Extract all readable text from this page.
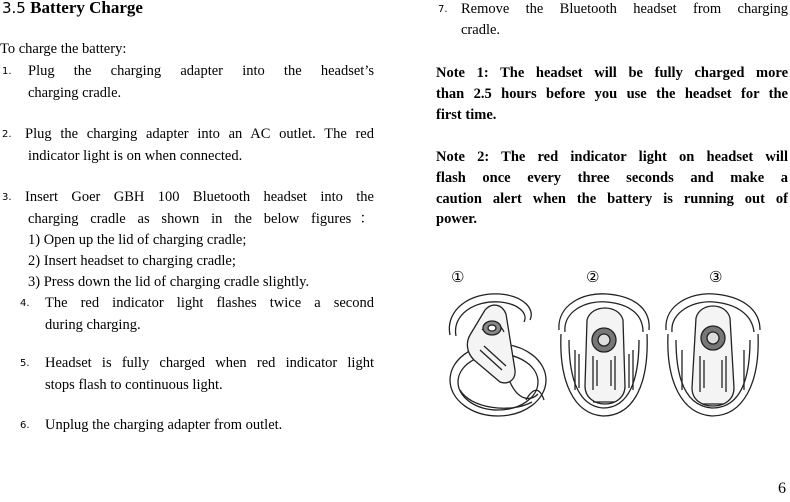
3.5 Battery Charge

To charge the battery:

1. Plug the charging adapter into the headset’s

charging cradle.

2. Plug the charging adapter into an AC outlet. The red

indicator light is on when connected.

3. Insert Goer GBH 100 Bluetooth headset into the

charging cradle as shown in the below figures：

1) Open up the lid of charging cradle;

2) Insert headset to charging cradle;

3) Press down the lid of charging cradle slightly.

4. The red indicator light flashes twice a second

during charging.

5. Headset is fully charged when red indicator light

stops flash to continuous light.

6. Unplug the charging adapter from outlet.

7. Remove the Bluetooth headset from charging

cradle.

Note 1: The headset will be fully charged more

than 2.5 hours before you use the headset for the

first time.

Note 2: The red indicator light on headset will

flash once every three seconds and make a

caution alert when the battery is running out of

power.

①	②	③
6
